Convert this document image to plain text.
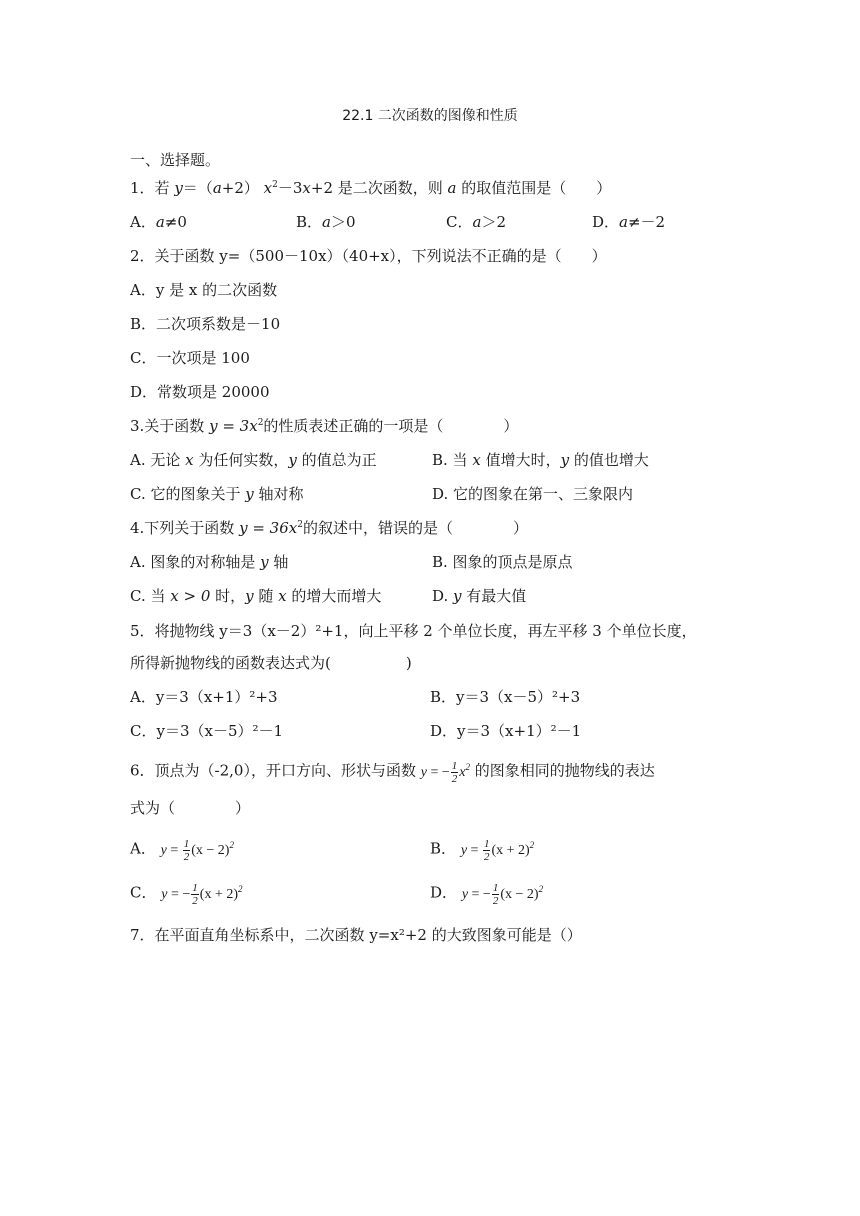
22.1 二次函数的图像和性质
一、选择题。
1．若 y＝（a+2） $x^2-3x+2$ 是二次函数，则 a 的取值范围是（　　）
A．a≠0	B．a＞0	C．a＞2	D．a≠－2
2．关于函数 y=（500－10x）（40+x），下列说法不正确的是（　　）
A．y 是 x 的二次函数
B．二次项系数是－10
C．一次项是 100
D．常数项是 20000
3.关于函数 $y = 3x^2$的性质表述正确的一项是（　　　　）
A. 无论 x 为任何实数，y 的值总为正	B. 当 x 值增大时，y 的值也增大
C. 它的图象关于 y 轴对称	D. 它的图象在第一、三象限内
4.下列关于函数 $y = 36x^2$的叙述中，错误的是（　　　　）
A. 图象的对称轴是 y 轴	B. 图象的顶点是原点
C. 当 x > 0 时，y 随 x 的增大而增大	D. y 有最大值
5．将抛物线 y＝3（x－2）²+1，向上平移 2 个单位长度，再左平移 3 个单位长度，
所得新抛物线的函数表达式为(　　　　　)
A．y＝3（x+1）²+3	B．y＝3（x－5）²+3
C．y＝3（x－5）²－1	D．y＝3（x+1）²－1
6．顶点为（-2,0），开口方向、形状与函数 y = − $\frac{1}{2} x^2$ 的图象相同的抛物线的表达
式为（　　　　）
A． $y = \frac{1}{2} (x - 2)^2$	B． $y = \frac{1}{2} (x + 2)^2$
C． y = − $\frac{1}{2} (x + 2)^2$	D． y = − $\frac{1}{2} (x - 2)^2$
7．在平面直角坐标系中，二次函数 y=x²+2 的大致图象可能是（）
